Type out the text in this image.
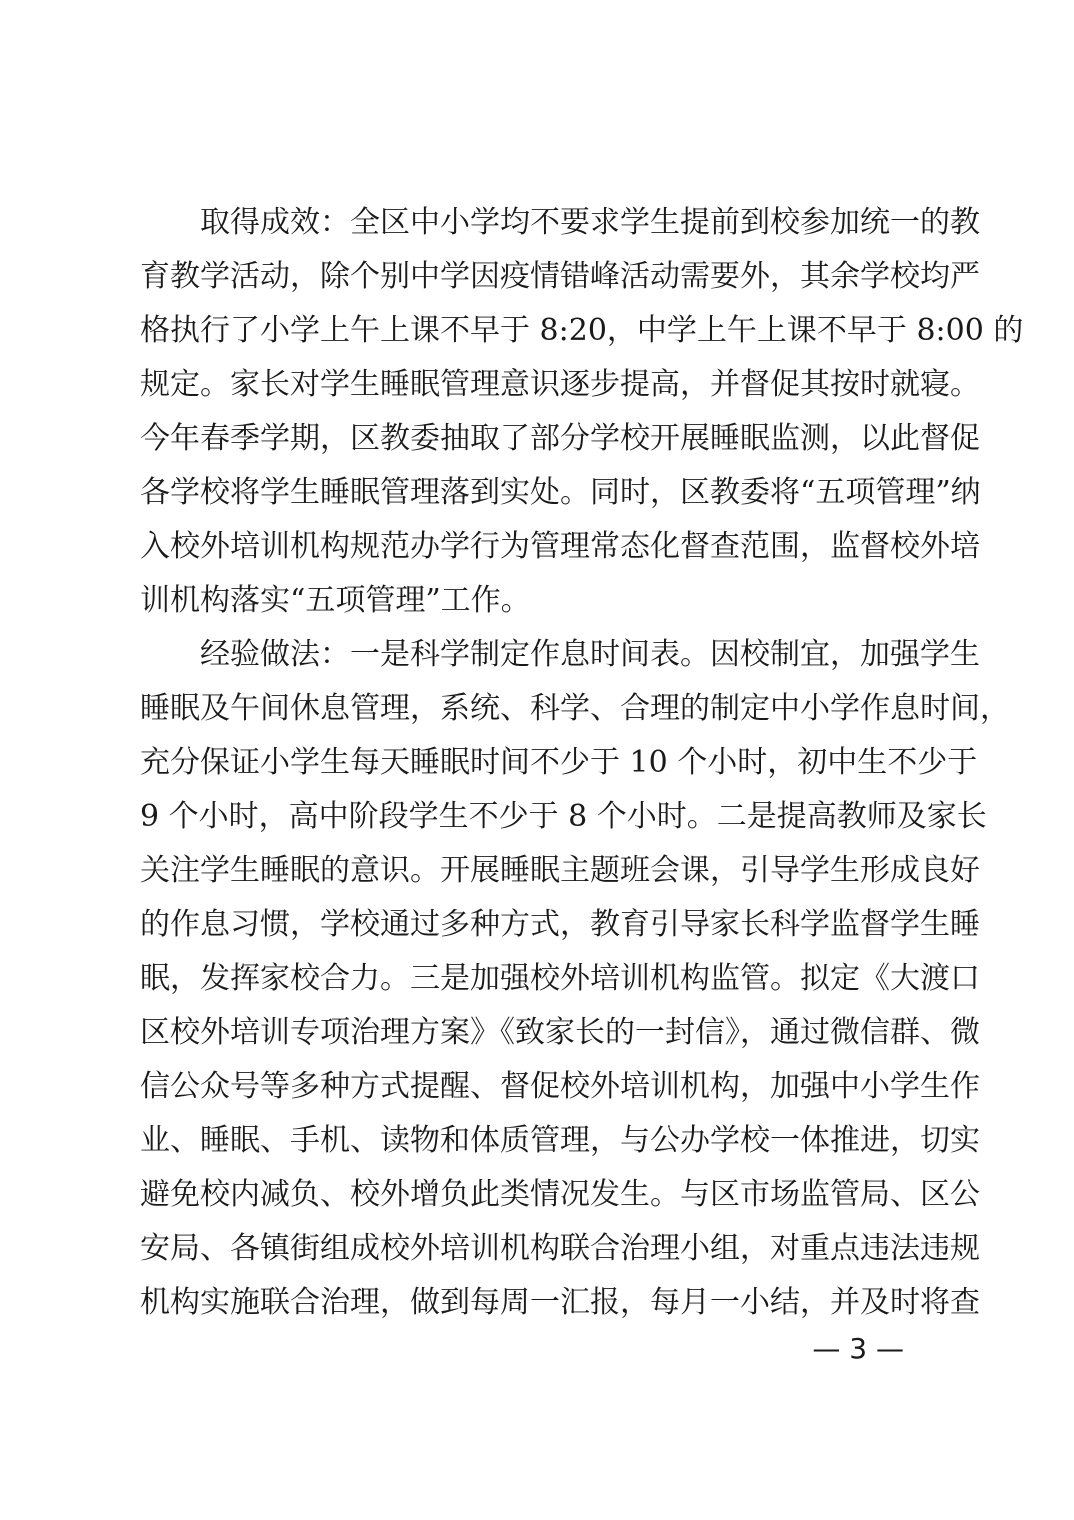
　　取得成效：全区中小学均不要求学生提前到校参加统一的教
育教学活动，除个别中学因疫情错峰活动需要外，其余学校均严
格执行了小学上午上课不早于 8:20，中学上午上课不早于 8:00 的
规定。家长对学生睡眠管理意识逐步提高，并督促其按时就寝。
今年春季学期，区教委抽取了部分学校开展睡眠监测，以此督促
各学校将学生睡眠管理落到实处。同时，区教委将“五项管理”纳
入校外培训机构规范办学行为管理常态化督查范围，监督校外培
训机构落实“五项管理”工作。
　　经验做法：一是科学制定作息时间表。因校制宜，加强学生
睡眠及午间休息管理，系统、科学、合理的制定中小学作息时间，
充分保证小学生每天睡眠时间不少于 10 个小时，初中生不少于
9 个小时，高中阶段学生不少于 8 个小时。二是提高教师及家长
关注学生睡眠的意识。开展睡眠主题班会课，引导学生形成良好
的作息习惯，学校通过多种方式，教育引导家长科学监督学生睡
眠，发挥家校合力。三是加强校外培训机构监管。拟定《大渡口
区校外培训专项治理方案》《致家长的一封信》，通过微信群、微
信公众号等多种方式提醒、督促校外培训机构，加强中小学生作
业、睡眠、手机、读物和体质管理，与公办学校一体推进，切实
避免校内减负、校外增负此类情况发生。与区市场监管局、区公
安局、各镇街组成校外培训机构联合治理小组，对重点违法违规
机构实施联合治理，做到每周一汇报，每月一小结，并及时将查
— 3 —
